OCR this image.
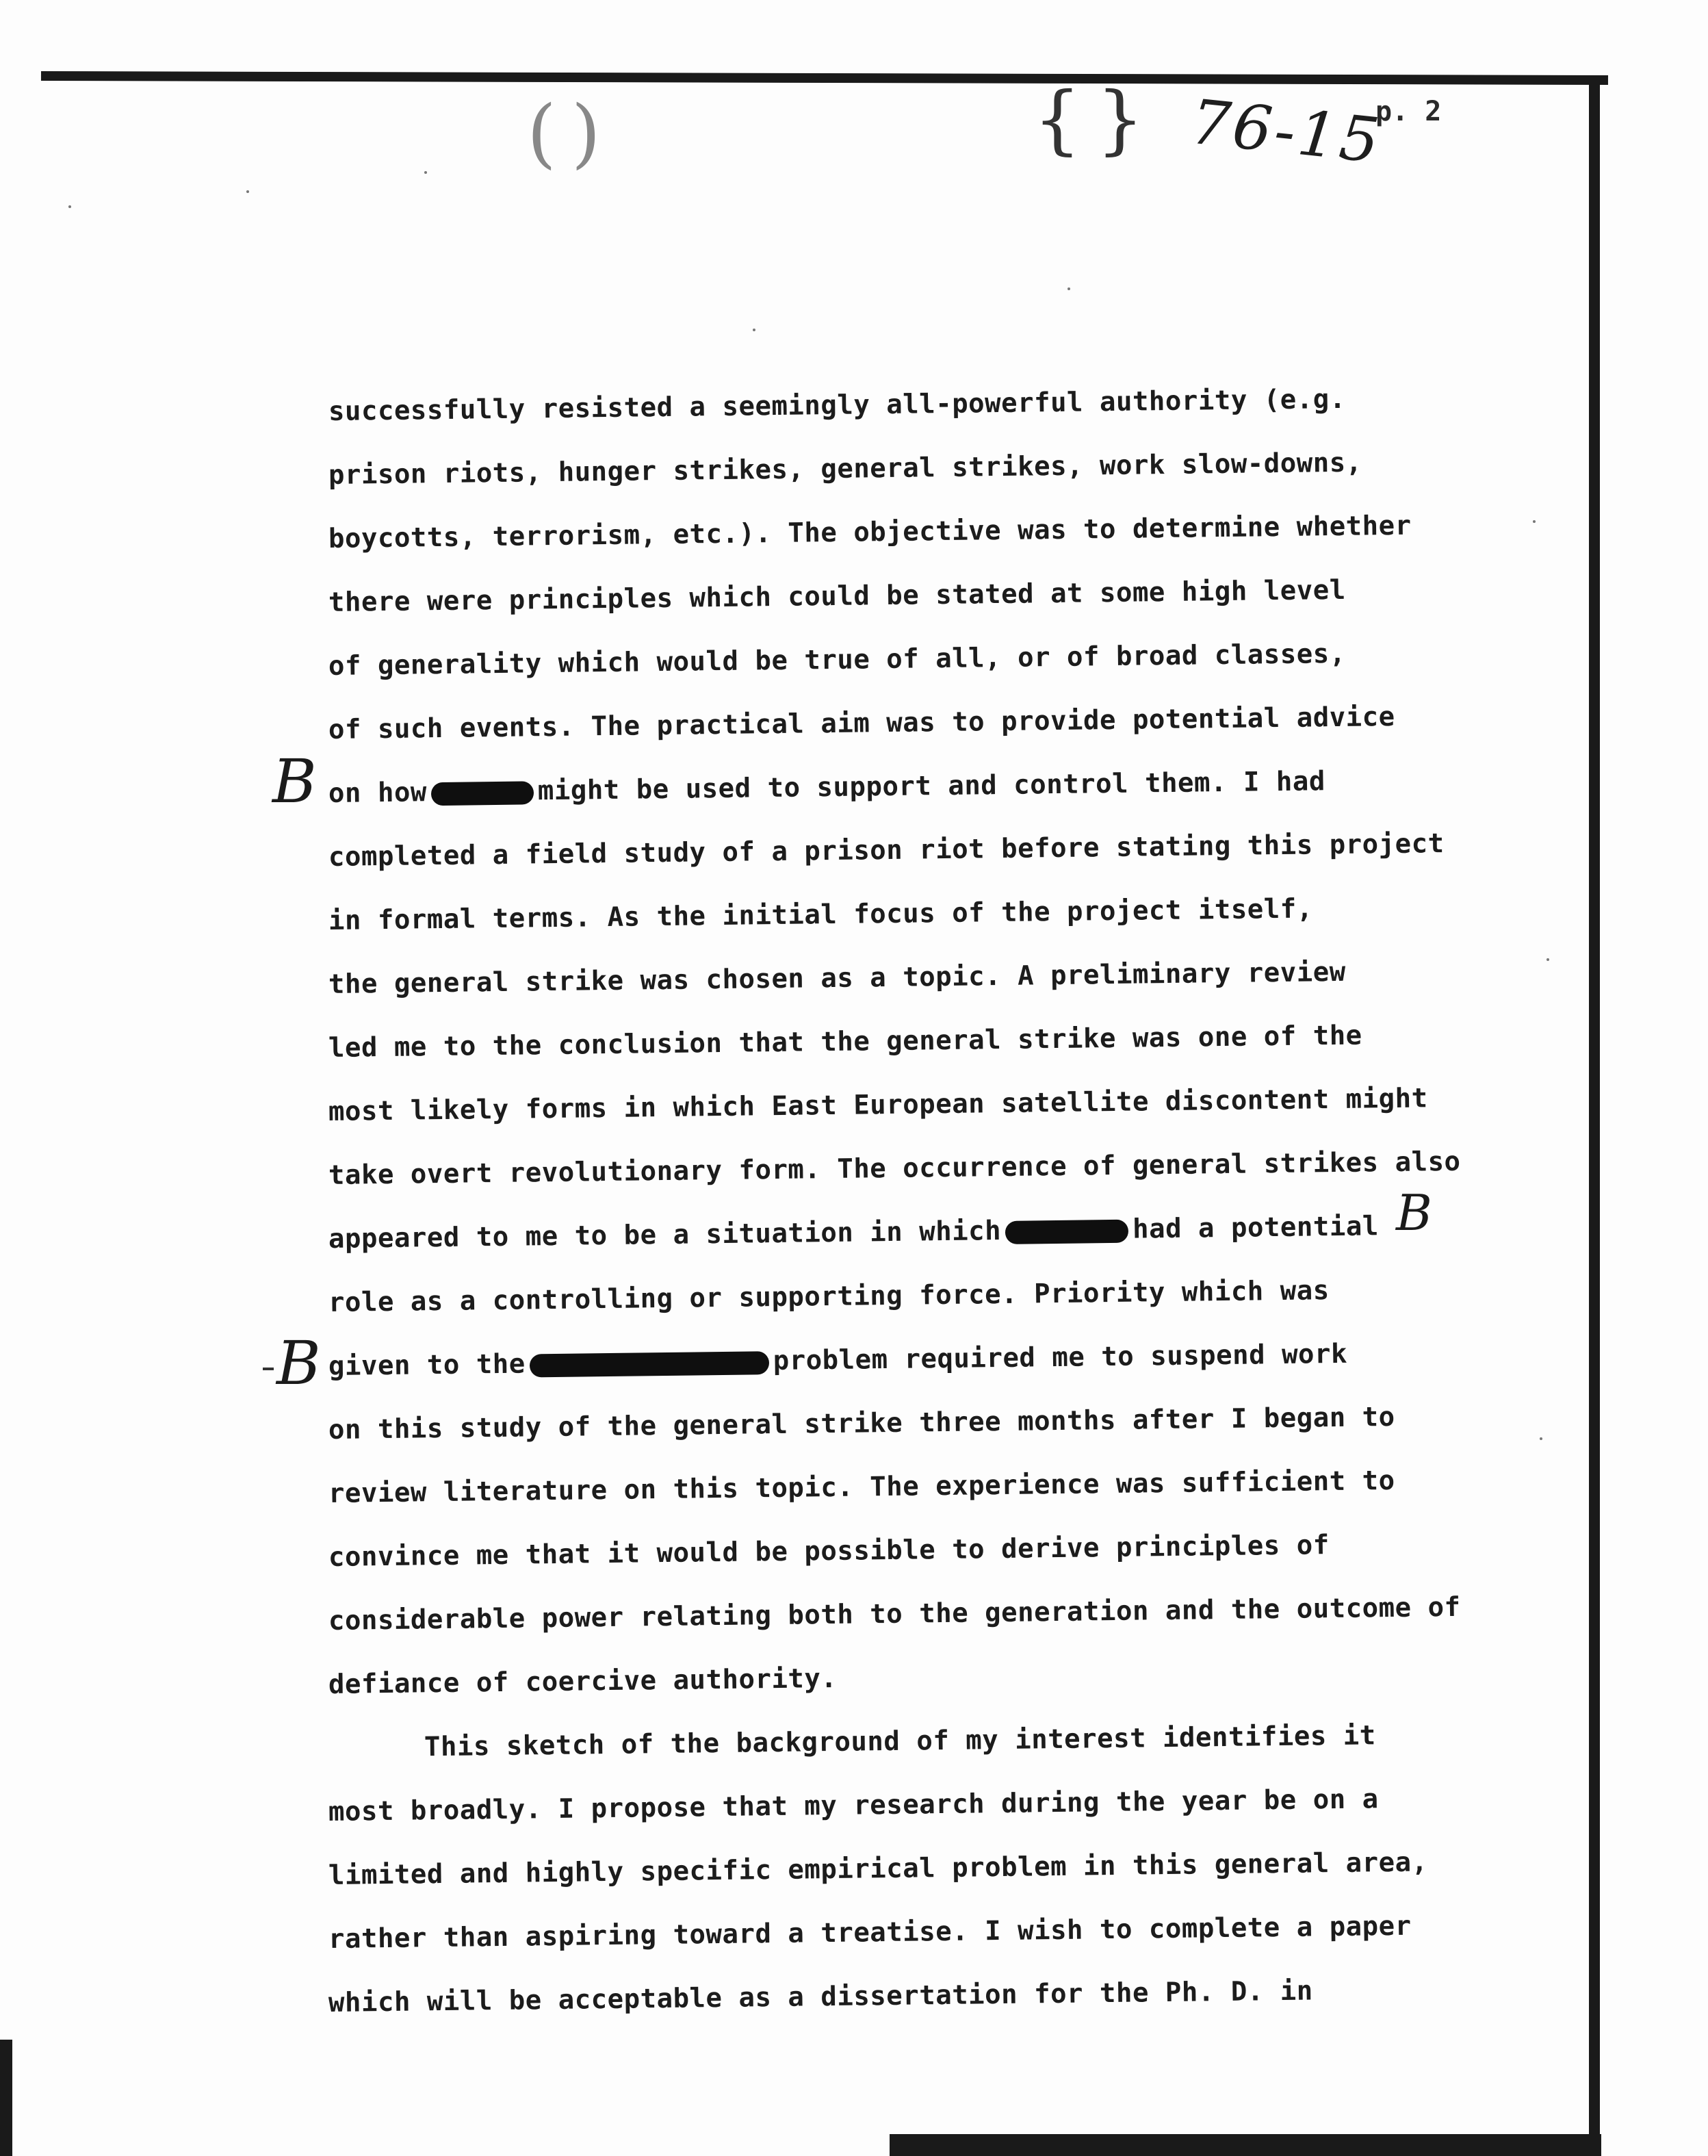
( )	{ } 76-15
p. 2
B
B
B
successfully resisted a seemingly all-powerful authority (e.g.
prison riots, hunger strikes, general strikes, work slow-downs,
boycotts, terrorism, etc.). The objective was to determine whether
there were principles which could be stated at some high level
of generality which would be true of all, or of broad classes,
of such events. The practical aim was to provide potential advice
on how	might be used to support and control them. I had
completed a field study of a prison riot before stating this project
in formal terms. As the initial focus of the project itself,
the general strike was chosen as a topic. A preliminary review
led me to the conclusion that the general strike was one of the
most likely forms in which East European satellite discontent might
take overt revolutionary form. The occurrence of general strikes also
appeared to me to be a situation in which	had a potential
role as a controlling or supporting force. Priority which was
given to the	problem required me to suspend work
on this study of the general strike three months after I began to
review literature on this topic. The experience was sufficient to
convince me that it would be possible to derive principles of
considerable power relating both to the generation and the outcome of
defiance of coercive authority.
This sketch of the background of my interest identifies it
most broadly. I propose that my research during the year be on a
limited and highly specific empirical problem in this general area,
rather than aspiring toward a treatise. I wish to complete a paper
which will be acceptable as a dissertation for the Ph. D. in
